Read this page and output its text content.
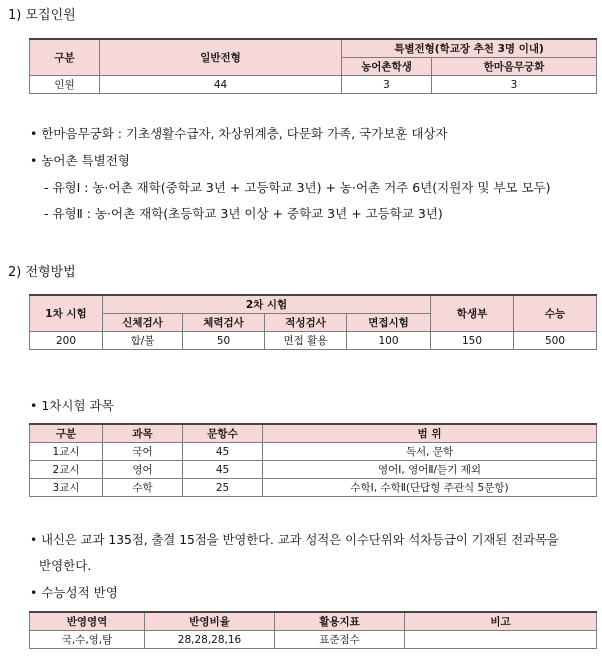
1) 모집인원
구분	일반전형	특별전형(학교장 추천 3명 이내)	
		농어촌학생	한마음무궁화
인원	44	3	3
• 한마음무궁화 : 기초생활수급자, 차상위계층, 다문화 가족, 국가보훈 대상자
• 농어촌 특별전형
- 유형Ⅰ : 농·어촌 재학(중학교 3년 + 고등학교 3년) + 농·어촌 거주 6년(지원자 및 부모 모두)
- 유형Ⅱ : 농·어촌 재학(초등학교 3년 이상 + 중학교 3년 + 고등학교 3년)
2) 전형방법
1차 시험	2차 시험				학생부	수능
	신체검사	체력검사	적성검사	면접시험		
200	합/불	50	면접 활용	100	150	500
• 1차시험 과목
구분	과목	문항수	범 위
1교시	국어	45	독서, 문학
2교시	영어	45	영어Ⅰ, 영어Ⅱ/듣기 제외
3교시	수학	25	수학Ⅰ, 수학Ⅱ(단답형 주관식 5문항)
• 내신은 교과 135점, 출결 15점을 반영한다. 교과 성적은 이수단위와 석차등급이 기재된 전과목을
반영한다.
• 수능성적 반영
반영영역	반영비율	활용지표	비고
국,수,영,탐	28,28,28,16	표준점수	
